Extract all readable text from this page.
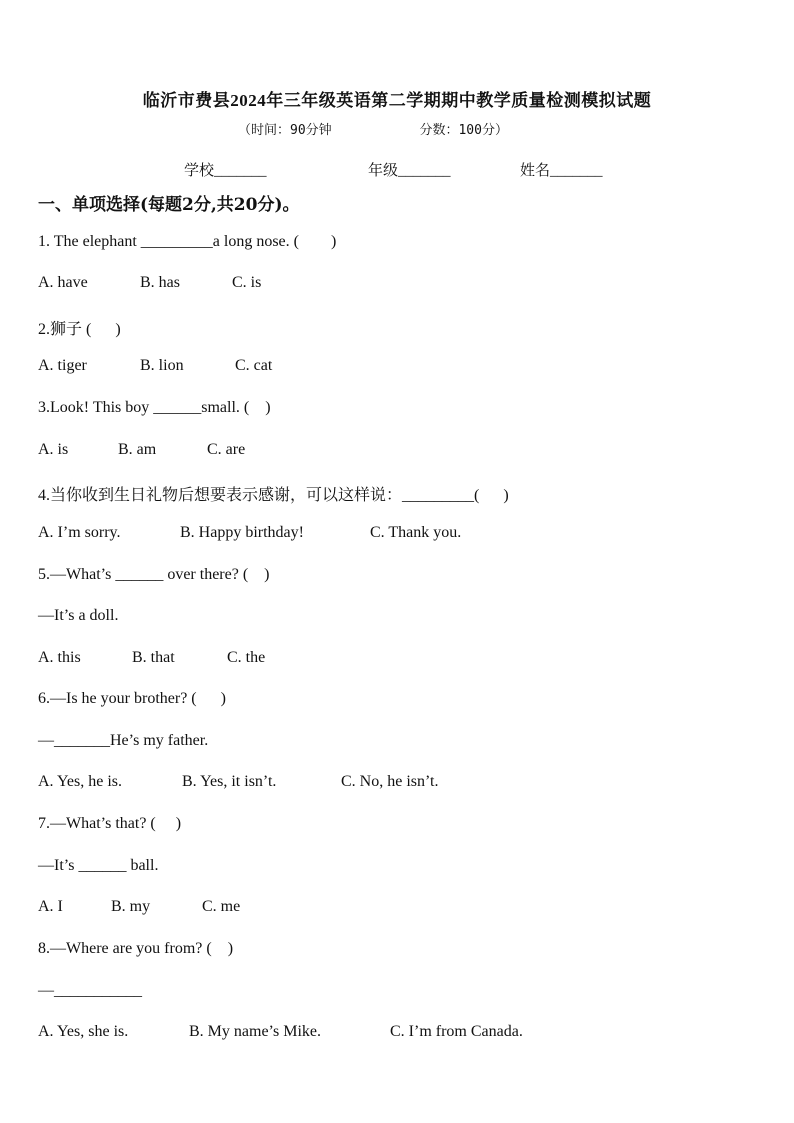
临沂市费县2024年三年级英语第二学期期中教学质量检测模拟试题
（时间：90分钟	分数：100分）
学校_______	年级_______	姓名_______
一、单项选择(每题2分,共20分)。
1. The elephant _________a long nose. (        )
A. have	B. has	C. is
2.狮子 (      )
A. tiger	B. lion	C. cat
3.Look! This boy ______small. (    )
A. is	B. am	C. are
4.当你收到生日礼物后想要表示感谢，可以这样说：_________(      )
A. I’m sorry.	B. Happy birthday!	C. Thank you.
5.—What’s ______ over there? (    )
—It’s a doll.
A. this	B. that	C. the
6.—Is he your brother? (      )
—_______He’s my father.
A. Yes, he is.	B. Yes, it isn’t.	C. No, he isn’t.
7.—What’s that? (     )
—It’s ______ ball.
A. I	B. my	C. me
8.—Where are you from? (    )
—___________
A. Yes, she is.	B. My name’s Mike.	C. I’m from Canada.
